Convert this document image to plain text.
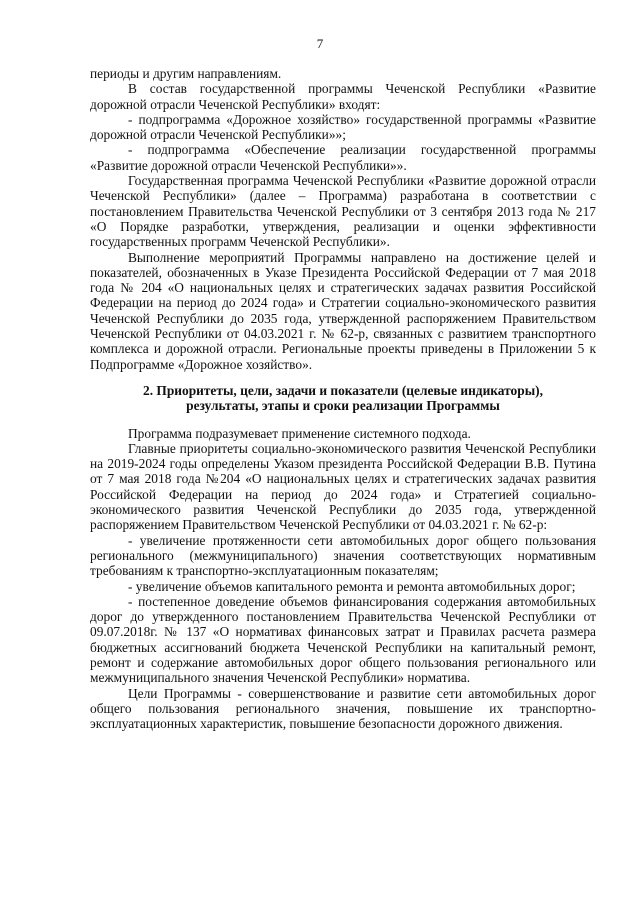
7

периоды и другим направлениям.

В состав государственной программы Чеченской Республики «Развитие дорожной отрасли Чеченской Республики» входят:

- подпрограмма «Дорожное хозяйство» государственной программы «Развитие дорожной отрасли Чеченской Республики»»;

- подпрограмма «Обеспечение реализации государственной программы «Развитие дорожной отрасли Чеченской Республики»».

Государственная программа Чеченской Республики «Развитие дорожной отрасли Чеченской Республики» (далее – Программа) разработана в соответствии с постановлением Правительства Чеченской Республики от 3 сентября 2013 года № 217 «О Порядке разработки, утверждения, реализации и оценки эффективности государственных программ Чеченской Республики».

Выполнение мероприятий Программы направлено на достижение целей и показателей, обозначенных в Указе Президента Российской Федерации от 7 мая 2018 года № 204 «О национальных целях и стратегических задачах развития Российской Федерации на период до 2024 года» и Стратегии социально-экономического развития Чеченской Республики до 2035 года, утвержденной распоряжением Правительством Чеченской Республики от 04.03.2021 г. № 62-р, связанных с развитием транспортного комплекса и дорожной отрасли. Региональные проекты приведены в Приложении 5 к Подпрограмме «Дорожное хозяйство».

2. Приоритеты, цели, задачи и показатели (целевые индикаторы),
результаты, этапы и сроки реализации Программы

Программа подразумевает применение системного подхода.

Главные приоритеты социально-экономического развития Чеченской Республики на 2019-2024 годы определены Указом президента Российской Федерации В.В. Путина от 7 мая 2018 года №204 «О национальных целях и стратегических задачах развития Российской Федерации на период до 2024 года» и Стратегией социально-экономического развития Чеченской Республики до 2035 года, утвержденной распоряжением Правительством Чеченской Республики от 04.03.2021 г. № 62-р:

- увеличение протяженности сети автомобильных дорог общего пользования регионального (межмуниципального) значения соответствующих нормативным требованиям к транспортно-эксплуатационным показателям;

- увеличение объемов капитального ремонта и ремонта автомобильных дорог;

- постепенное доведение объемов финансирования содержания автомобильных дорог до утвержденного постановлением Правительства Чеченской Республики от 09.07.2018г. № 137 «О нормативах финансовых затрат и Правилах расчета размера бюджетных ассигнований бюджета Чеченской Республики на капитальный ремонт, ремонт и содержание автомобильных дорог общего пользования регионального или межмуниципального значения Чеченской Республики» норматива.

Цели Программы - совершенствование и развитие сети автомобильных дорог общего пользования регионального значения, повышение их транспортно-эксплуатационных характеристик, повышение безопасности дорожного движения.
